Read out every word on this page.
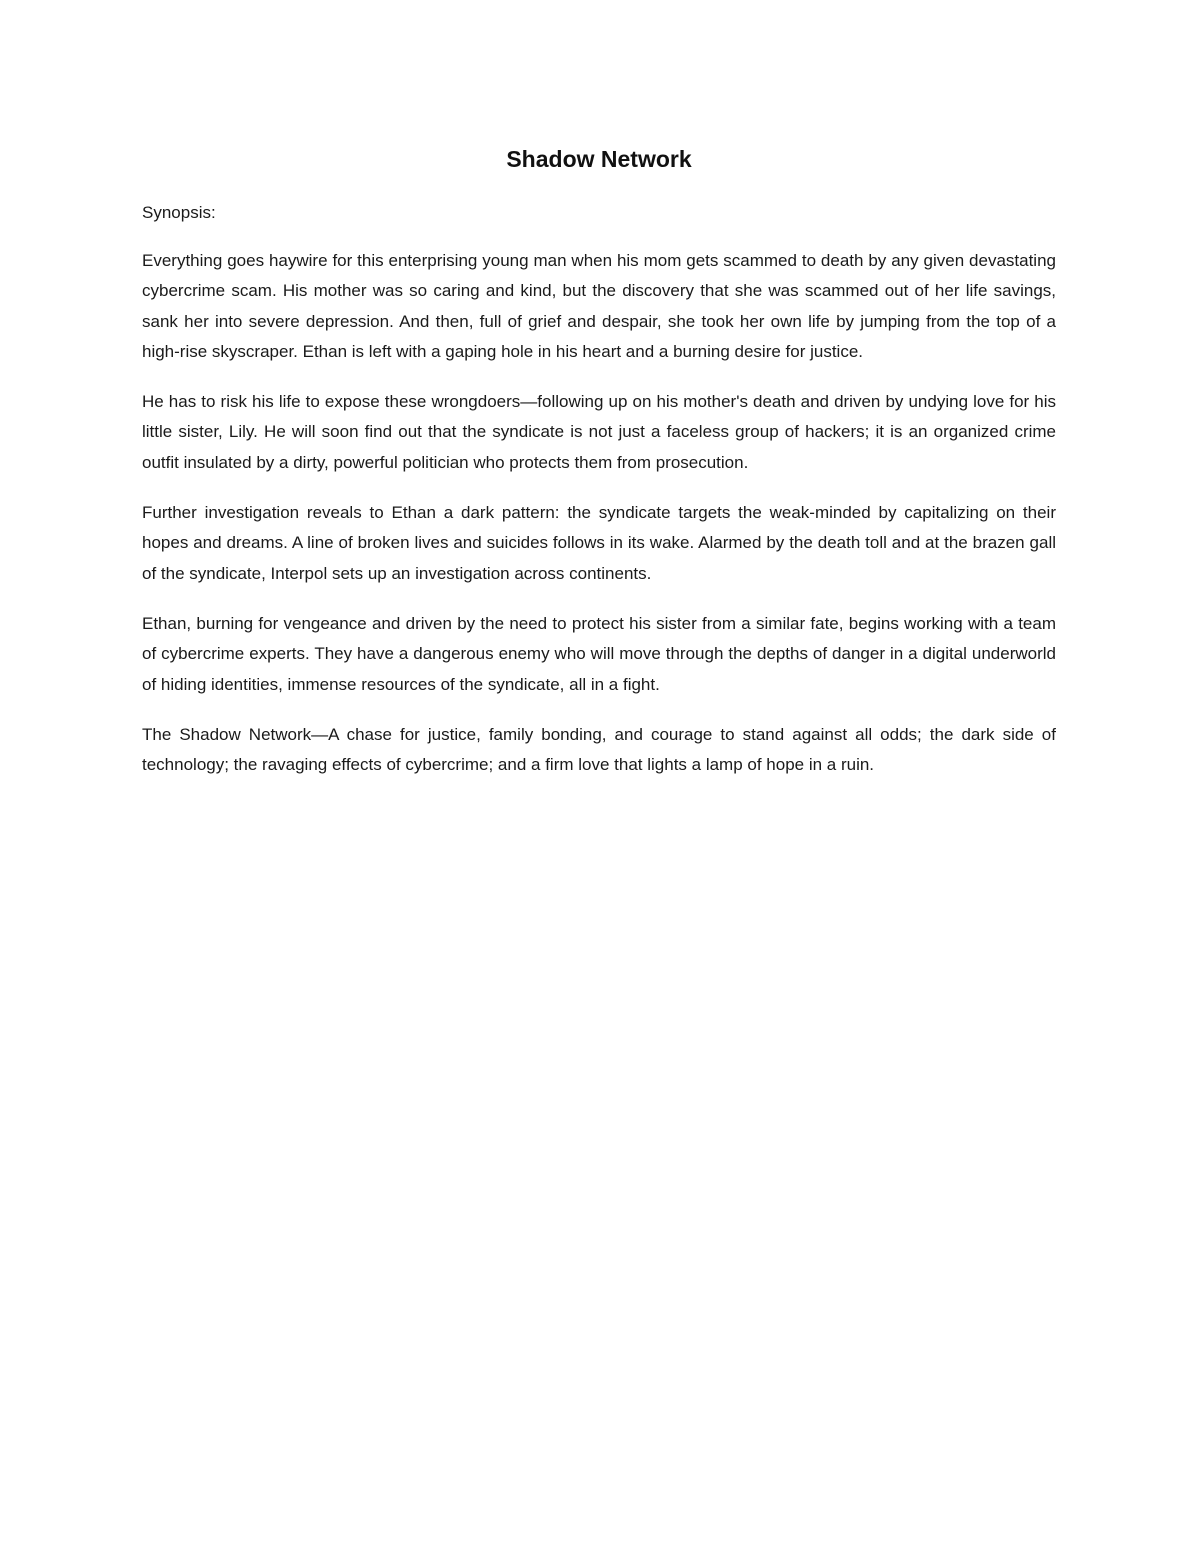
Shadow Network

Synopsis:

Everything goes haywire for this enterprising young man when his mom gets scammed to death by any given devastating cybercrime scam. His mother was so caring and kind, but the discovery that she was scammed out of her life savings, sank her into severe depression. And then, full of grief and despair, she took her own life by jumping from the top of a high-rise skyscraper. Ethan is left with a gaping hole in his heart and a burning desire for justice.

He has to risk his life to expose these wrongdoers—following up on his mother's death and driven by undying love for his little sister, Lily. He will soon find out that the syndicate is not just a faceless group of hackers; it is an organized crime outfit insulated by a dirty, powerful politician who protects them from prosecution.

Further investigation reveals to Ethan a dark pattern: the syndicate targets the weak-minded by capitalizing on their hopes and dreams. A line of broken lives and suicides follows in its wake. Alarmed by the death toll and at the brazen gall of the syndicate, Interpol sets up an investigation across continents.

Ethan, burning for vengeance and driven by the need to protect his sister from a similar fate, begins working with a team of cybercrime experts. They have a dangerous enemy who will move through the depths of danger in a digital underworld of hiding identities, immense resources of the syndicate, all in a fight.

The Shadow Network—A chase for justice, family bonding, and courage to stand against all odds; the dark side of technology; the ravaging effects of cybercrime; and a firm love that lights a lamp of hope in a ruin.
